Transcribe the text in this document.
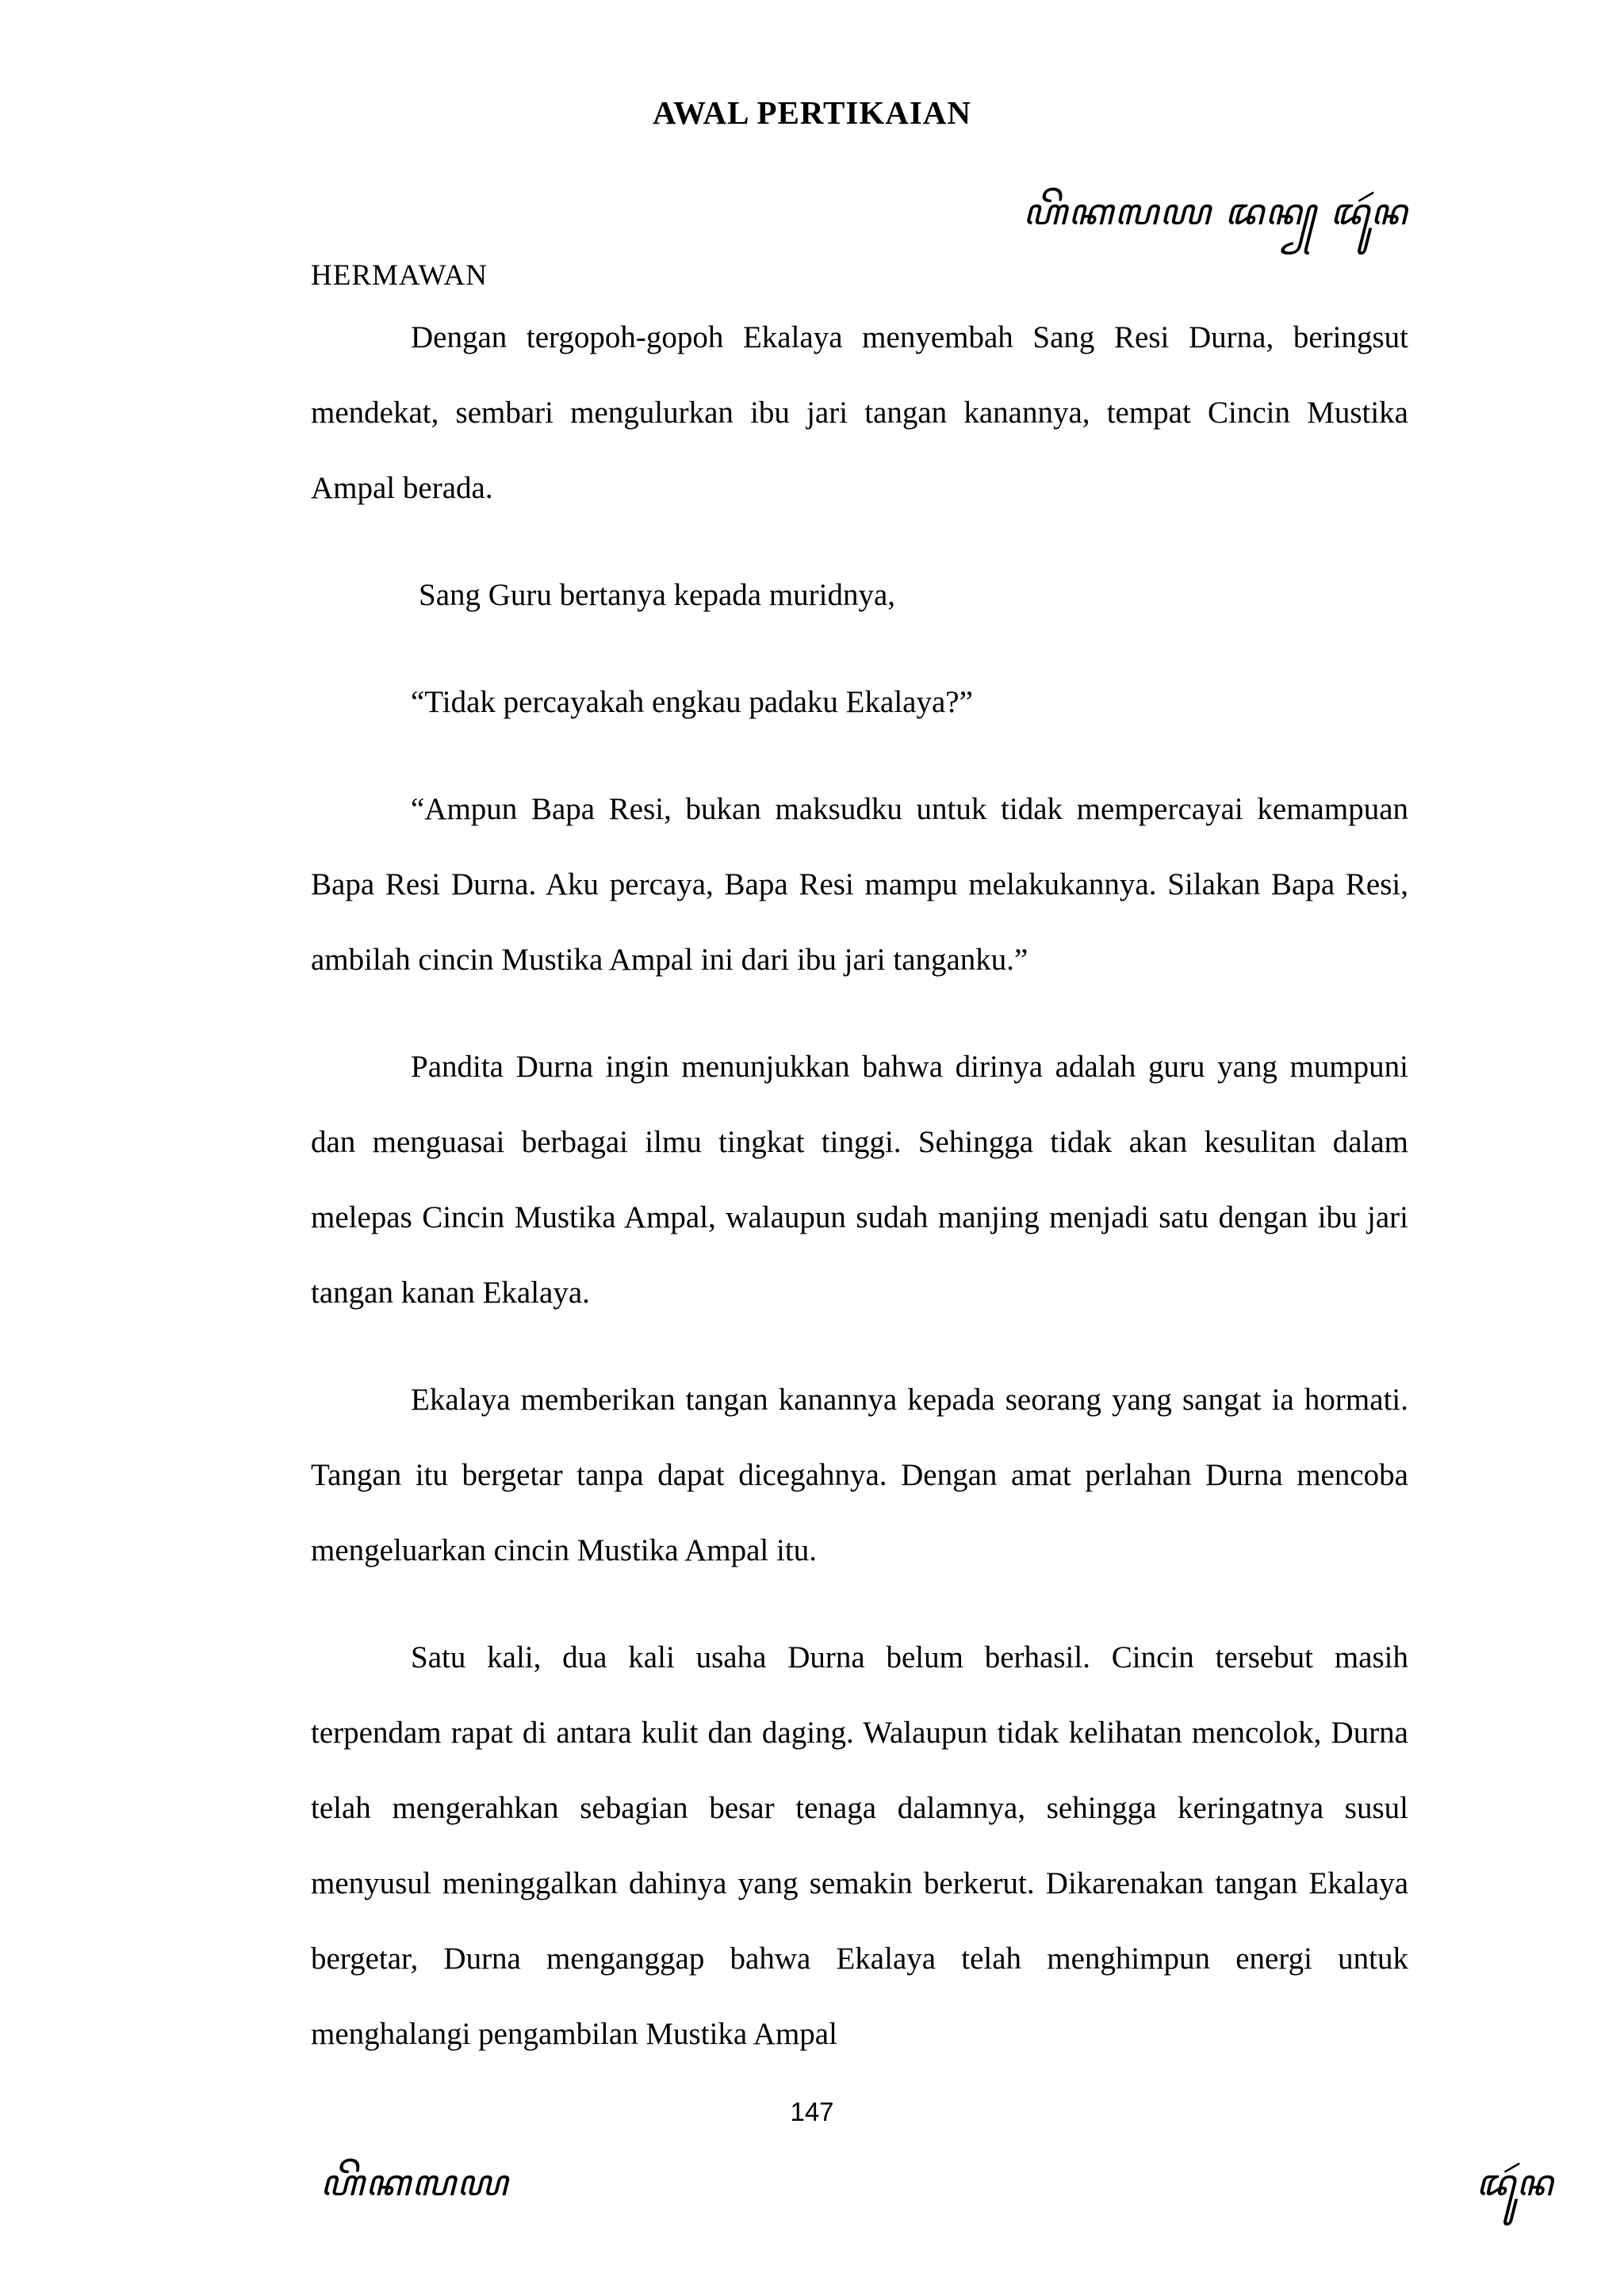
AWAL PERTIKAIAN
ꦲꦼꦏꦭꦪ ꦢꦤ꧀ ꦢꦸꦂꦤ
HERMAWAN

Dengan tergopoh-gopoh Ekalaya menyembah Sang Resi Durna, beringsut mendekat, sembari mengulurkan ibu jari tangan kanannya, tempat Cincin Mustika Ampal berada.

Sang Guru bertanya kepada muridnya,

“Tidak percayakah engkau padaku Ekalaya?”

“Ampun Bapa Resi, bukan maksudku untuk tidak mempercayai kemampuan Bapa Resi Durna. Aku percaya, Bapa Resi mampu melakukannya. Silakan Bapa Resi, ambilah cincin Mustika Ampal ini dari ibu jari tanganku.”

Pandita Durna ingin menunjukkan bahwa dirinya adalah guru yang mumpuni dan menguasai berbagai ilmu tingkat tinggi. Sehingga tidak akan kesulitan dalam melepas Cincin Mustika Ampal, walaupun sudah manjing menjadi satu dengan ibu jari tangan kanan Ekalaya.

Ekalaya memberikan tangan kanannya kepada seorang yang sangat ia hormati. Tangan itu bergetar tanpa dapat dicegahnya. Dengan amat perlahan Durna mencoba mengeluarkan cincin Mustika Ampal itu.

Satu kali, dua kali usaha Durna belum berhasil. Cincin tersebut masih terpendam rapat di antara kulit dan daging. Walaupun tidak kelihatan mencolok, Durna telah mengerahkan sebagian besar tenaga dalamnya, sehingga keringatnya susul menyusul meninggalkan dahinya yang semakin berkerut. Dikarenakan tangan Ekalaya bergetar, Durna menganggap bahwa Ekalaya telah menghimpun energi untuk menghalangi pengambilan Mustika Ampal

147
ꦲꦼꦏꦭꦪ	ꦢꦸꦂꦤ
